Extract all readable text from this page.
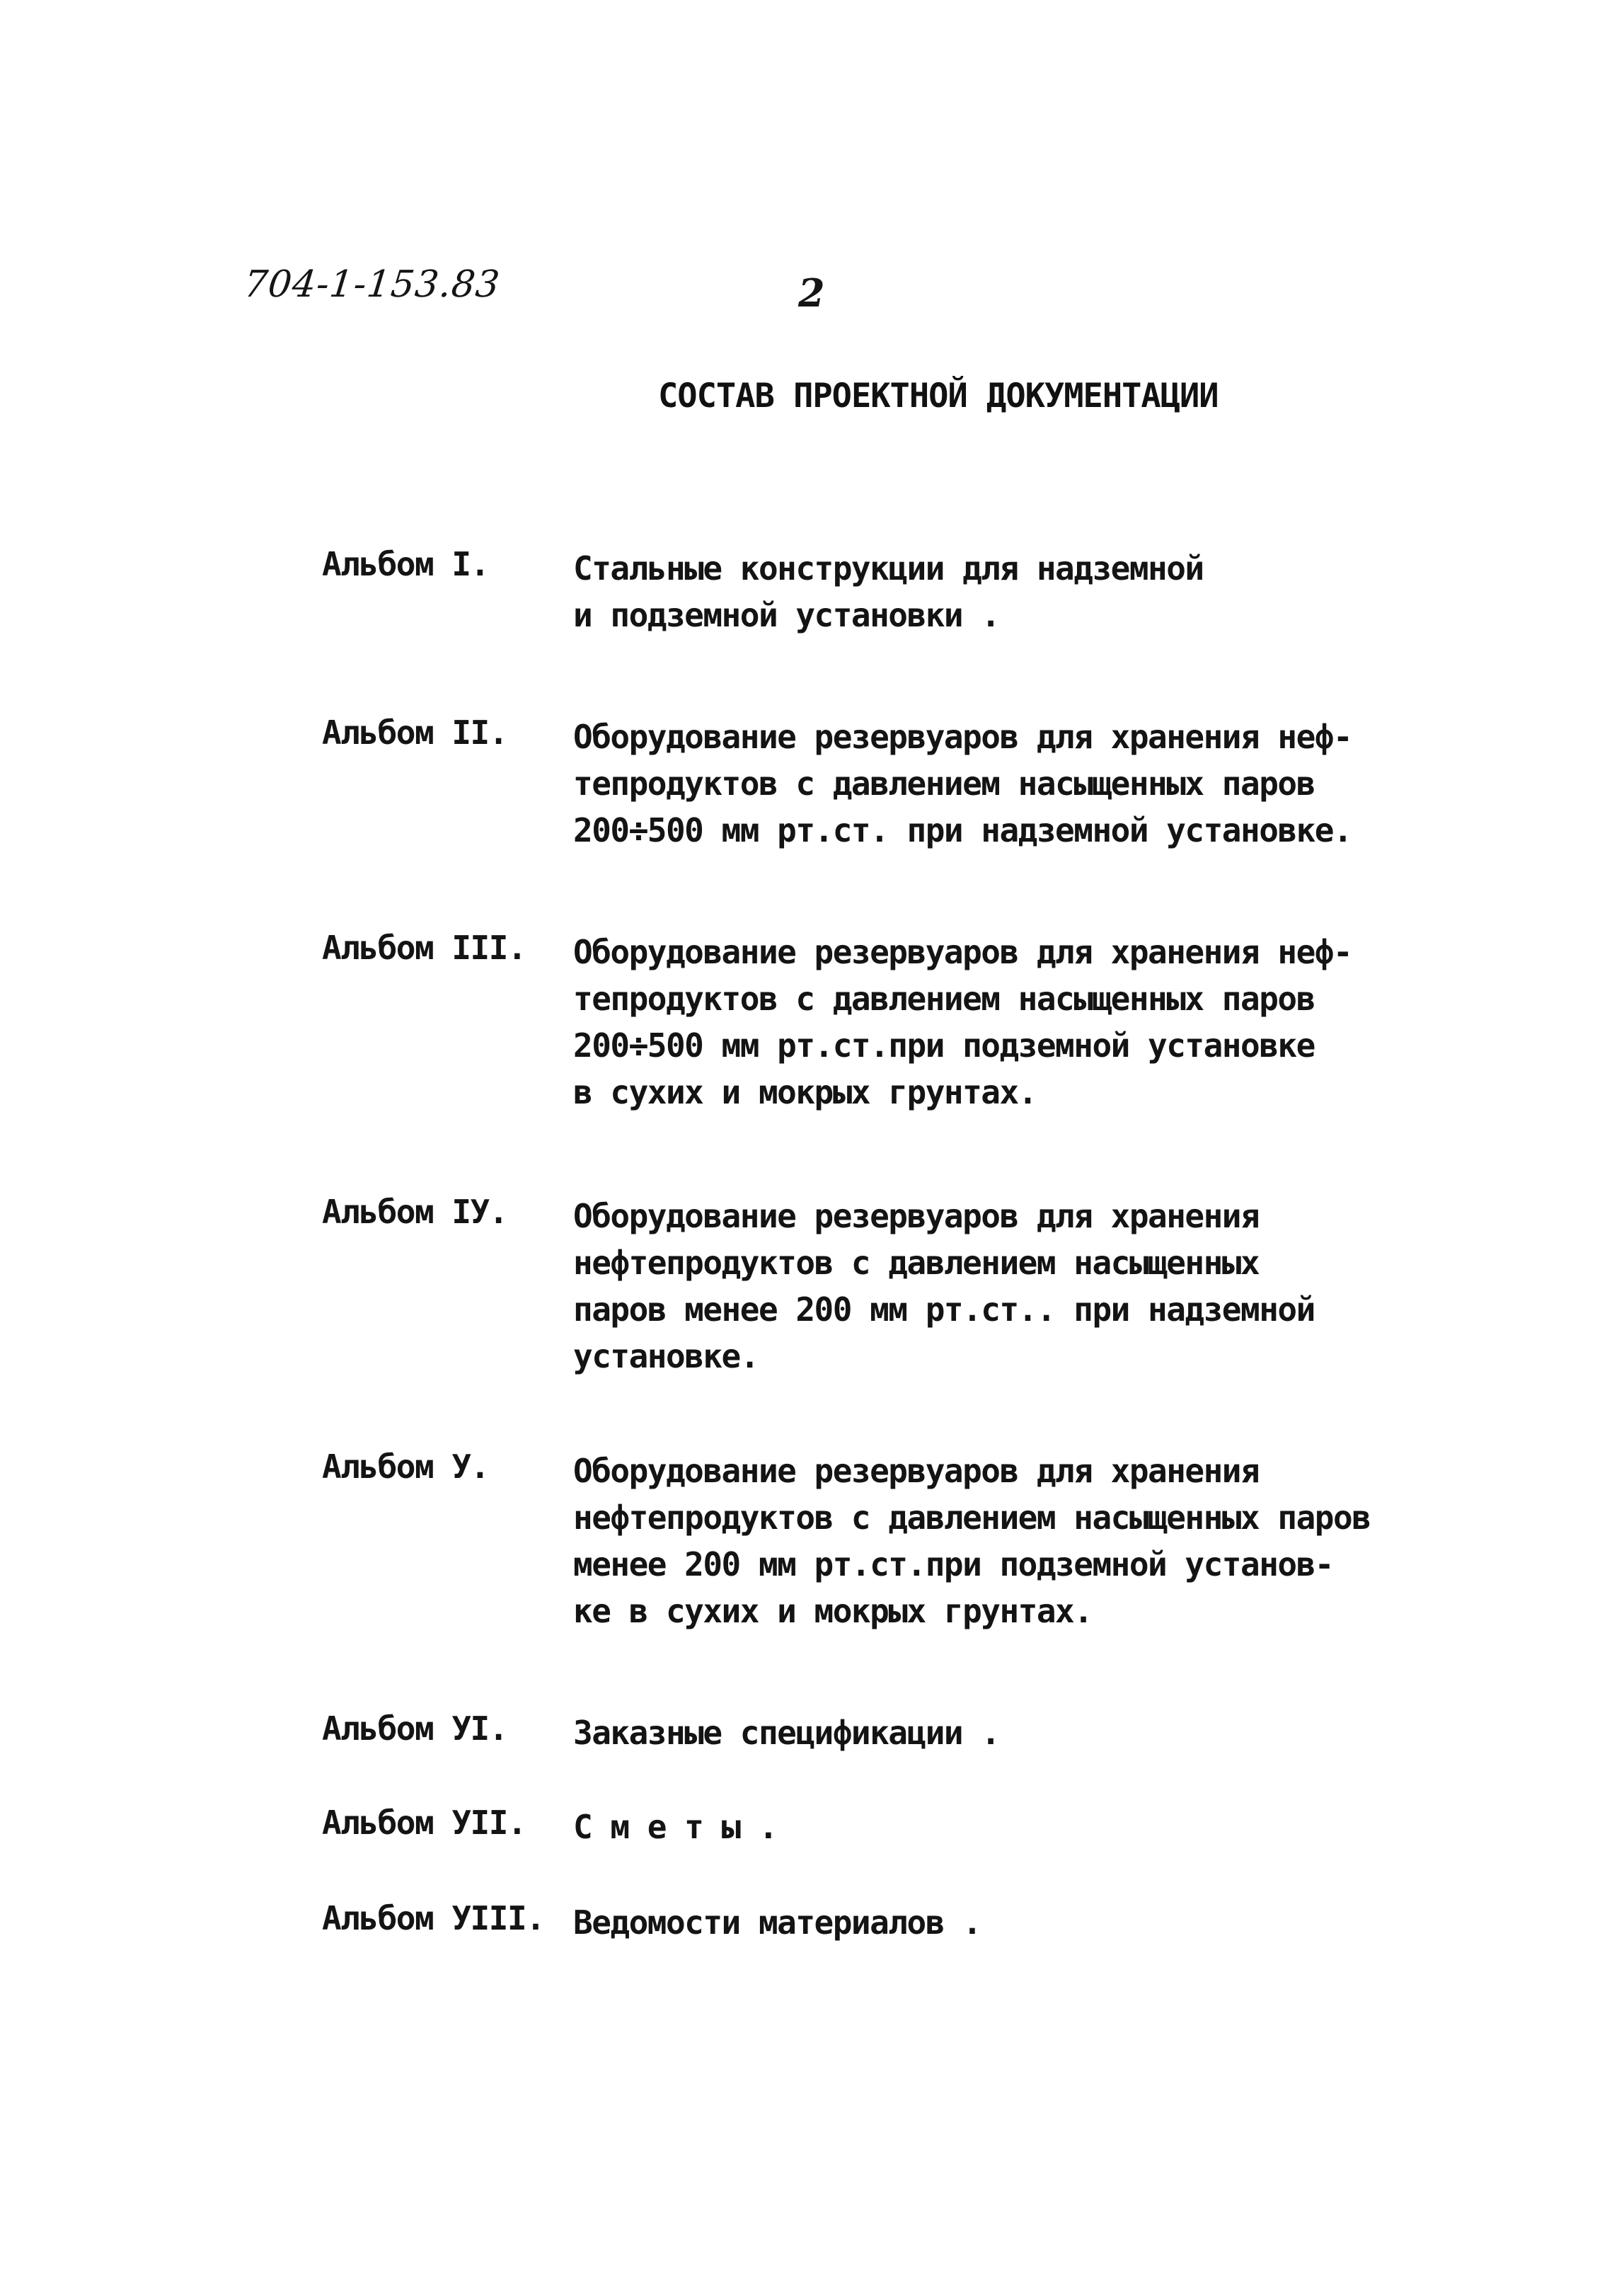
704-1-153.83	2
СОСТАВ ПРОЕКТНОЙ ДОКУМЕНТАЦИИ
Альбом I.	Стальные конструкции для надземной
и подземной установки .
Альбом II. Оборудование резервуаров для хранения неф-
тепродуктов с давлением насыщенных паров
200÷500 мм рт.ст. при надземной установке.
Альбом III. Оборудование резервуаров для хранения неф-
тепродуктов с давлением насыщенных паров
200÷500 мм рт.ст.при подземной установке
в сухих и мокрых грунтах.
Альбом IУ. Оборудование резервуаров для хранения
нефтепродуктов с давлением насыщенных
паров менее 200 мм рт.ст.. при надземной
установке.
Альбом У.	Оборудование резервуаров для хранения
нефтепродуктов с давлением насыщенных паров
менее 200 мм рт.ст.при подземной установ-
ке в сухих и мокрых грунтах.
Альбом УI. Заказные спецификации .
Альбом УII. С м е т ы .
Альбом УIII. Ведомости материалов .
